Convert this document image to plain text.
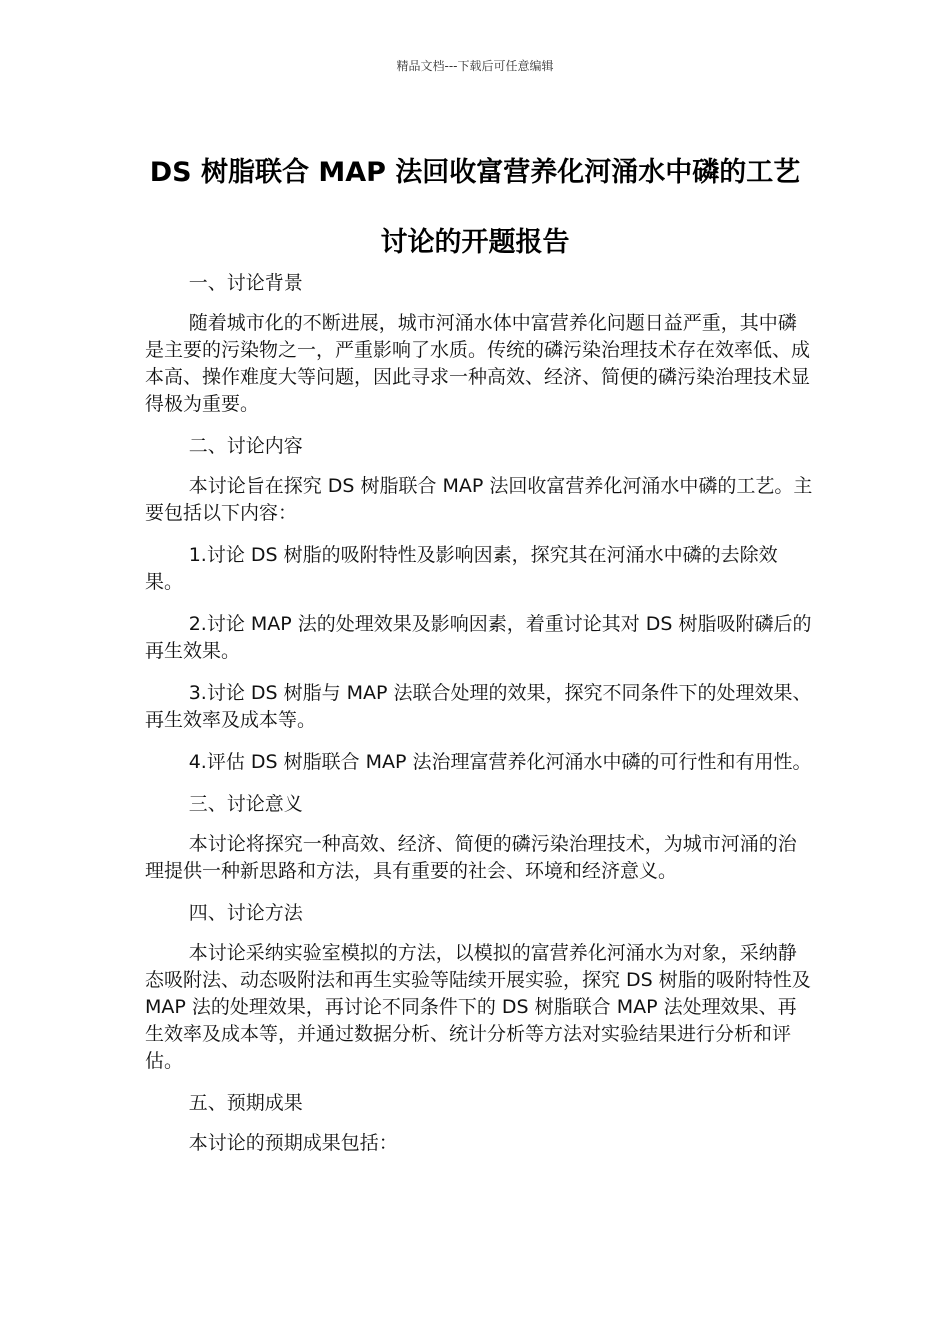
精品文档---下载后可任意编辑
DS 树脂联合 MAP 法回收富营养化河涌水中磷的工艺讨论的开题报告

一、讨论背景

随着城市化的不断进展，城市河涌水体中富营养化问题日益严重，其中磷是主要的污染物之一，严重影响了水质。传统的磷污染治理技术存在效率低、成本高、操作难度大等问题，因此寻求一种高效、经济、简便的磷污染治理技术显得极为重要。

二、讨论内容

本讨论旨在探究 DS 树脂联合 MAP 法回收富营养化河涌水中磷的工艺。主要包括以下内容：

1.讨论 DS 树脂的吸附特性及影响因素，探究其在河涌水中磷的去除效果。

2.讨论 MAP 法的处理效果及影响因素，着重讨论其对 DS 树脂吸附磷后的再生效果。

3.讨论 DS 树脂与 MAP 法联合处理的效果，探究不同条件下的处理效果、再生效率及成本等。

4.评估 DS 树脂联合 MAP 法治理富营养化河涌水中磷的可行性和有用性。

三、讨论意义

本讨论将探究一种高效、经济、简便的磷污染治理技术，为城市河涌的治理提供一种新思路和方法，具有重要的社会、环境和经济意义。

四、讨论方法

本讨论采纳实验室模拟的方法，以模拟的富营养化河涌水为对象，采纳静态吸附法、动态吸附法和再生实验等陆续开展实验，探究 DS 树脂的吸附特性及 MAP 法的处理效果，再讨论不同条件下的 DS 树脂联合 MAP 法处理效果、再生效率及成本等，并通过数据分析、统计分析等方法对实验结果进行分析和评估。

五、预期成果

本讨论的预期成果包括：
